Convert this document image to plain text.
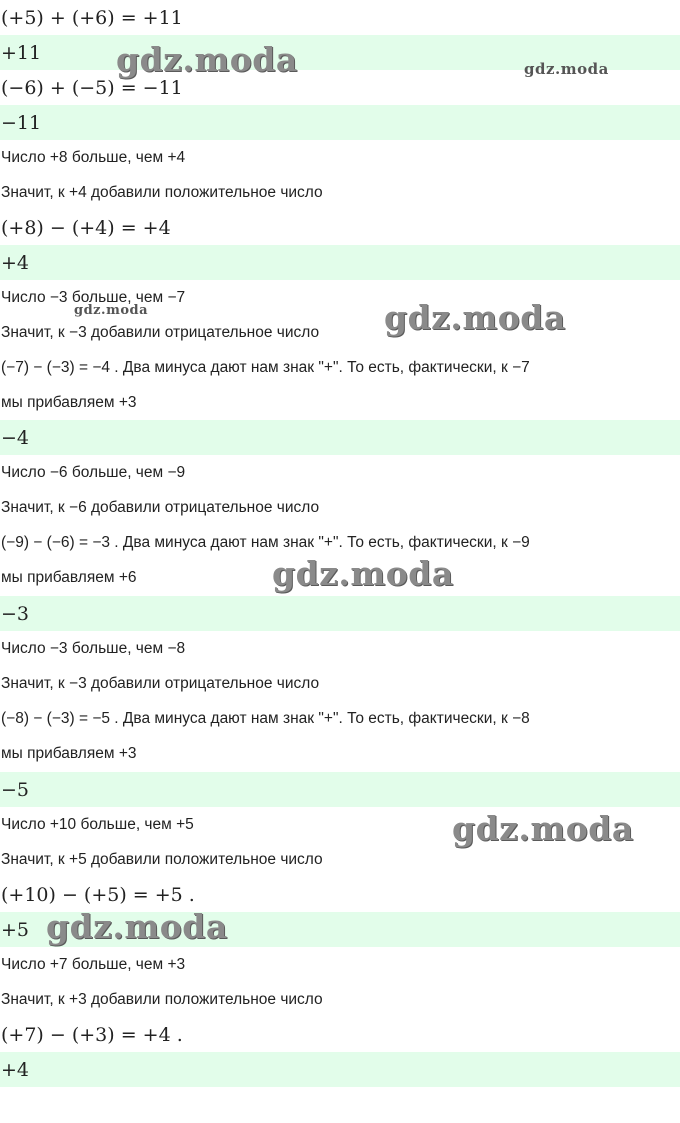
(+5) + (+6) = +11
+11
(−6) + (−5) = −11
−11
Число +8 больше, чем +4
Значит, к +4 добавили положительное число
(+8) − (+4) = +4
+4
Число −3 больше, чем −7
Значит, к −3 добавили отрицательное число
(−7) − (−3) = −4 . Два минуса дают нам знак "+". То есть, фактически, к −7
мы прибавляем +3
−4
Число −6 больше, чем −9
Значит, к −6 добавили отрицательное число
(−9) − (−6) = −3 . Два минуса дают нам знак "+". То есть, фактически, к −9
мы прибавляем +6
−3
Число −3 больше, чем −8
Значит, к −3 добавили отрицательное число
(−8) − (−3) = −5 . Два минуса дают нам знак "+". То есть, фактически, к −8
мы прибавляем +3
−5
Число +10 больше, чем +5
Значит, к +5 добавили положительное число
(+10) − (+5) = +5 .
+5
Число +7 больше, чем +3
Значит, к +3 добавили положительное число
(+7) − (+3) = +4 .
+4
gdz.moda	gdz.moda
gdz.moda	gdz.moda
gdz.moda
gdz.moda
gdz.moda
